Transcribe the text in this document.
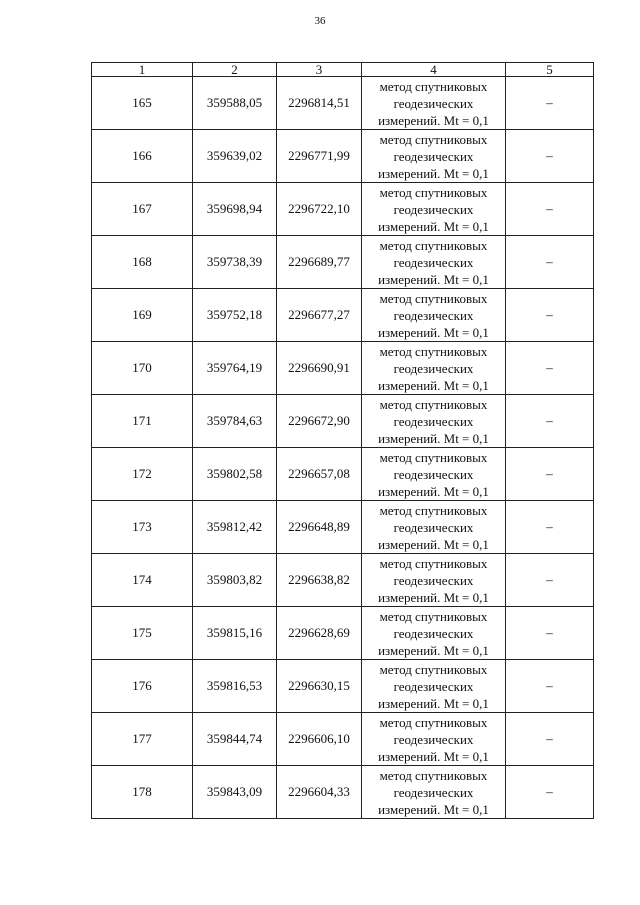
36
1	2	3	4	5
165	359588,05	2296814,51	метод спутниковых
геодезических
измерений. Mt = 0,1	–
166	359639,02	2296771,99	метод спутниковых
геодезических
измерений. Mt = 0,1	–
167	359698,94	2296722,10	метод спутниковых
геодезических
измерений. Mt = 0,1	–
168	359738,39	2296689,77	метод спутниковых
геодезических
измерений. Mt = 0,1	–
169	359752,18	2296677,27	метод спутниковых
геодезических
измерений. Mt = 0,1	–
170	359764,19	2296690,91	метод спутниковых
геодезических
измерений. Mt = 0,1	–
171	359784,63	2296672,90	метод спутниковых
геодезических
измерений. Mt = 0,1	–
172	359802,58	2296657,08	метод спутниковых
геодезических
измерений. Mt = 0,1	–
173	359812,42	2296648,89	метод спутниковых
геодезических
измерений. Mt = 0,1	–
174	359803,82	2296638,82	метод спутниковых
геодезических
измерений. Mt = 0,1	–
175	359815,16	2296628,69	метод спутниковых
геодезических
измерений. Mt = 0,1	–
176	359816,53	2296630,15	метод спутниковых
геодезических
измерений. Mt = 0,1	–
177	359844,74	2296606,10	метод спутниковых
геодезических
измерений. Mt = 0,1	–
178	359843,09	2296604,33	метод спутниковых
геодезических
измерений. Mt = 0,1	–
